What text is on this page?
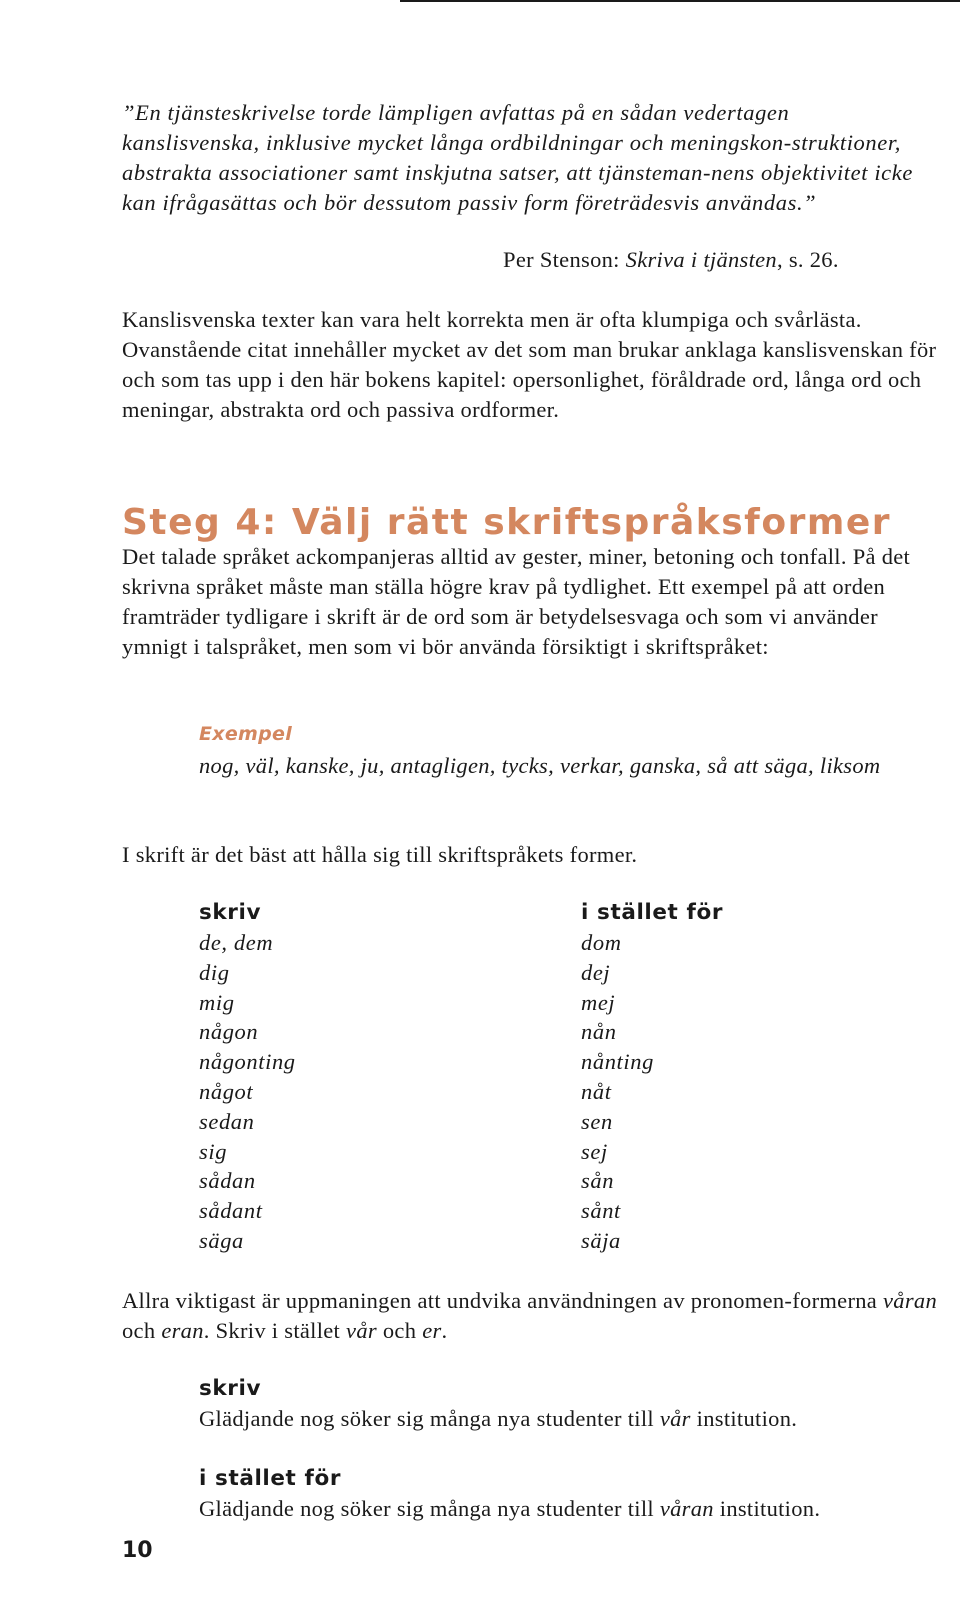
”En tjänsteskrivelse torde lämpligen avfattas på en sådan vedertagen kanslisvenska, inklusive mycket långa ordbildningar och meningskon-struktioner, abstrakta associationer samt inskjutna satser, att tjänsteman-nens objektivitet icke kan ifrågasättas och bör dessutom passiv form företrädesvis användas.”
Per Stenson: Skriva i tjänsten, s. 26.
Kanslisvenska texter kan vara helt korrekta men är ofta klumpiga och svårlästa. Ovanstående citat innehåller mycket av det som man brukar anklaga kanslisvenskan för och som tas upp i den här bokens kapitel: opersonlighet, föråldrade ord, långa ord och meningar, abstrakta ord och passiva ordformer.
Steg 4: Välj rätt skriftspråksformer
Det talade språket ackompanjeras alltid av gester, miner, betoning och tonfall. På det skrivna språket måste man ställa högre krav på tydlighet. Ett exempel på att orden framträder tydligare i skrift är de ord som är betydelsesvaga och som vi använder ymnigt i talspråket, men som vi bör använda försiktigt i skriftspråket:
Exempel
nog, väl, kanske, ju, antagligen, tycks, verkar, ganska, så att säga, liksom
I skrift är det bäst att hålla sig till skriftspråkets former.
skriv
de, dem
dig
mig
någon
någonting
något
sedan
sig
sådan
sådant
säga
i stället för
dom
dej
mej
nån
nånting
nåt
sen
sej
sån
sånt
säja
Allra viktigast är uppmaningen att undvika användningen av pronomen-formerna våran och eran. Skriv i stället vår och er.
skriv
Glädjande nog söker sig många nya studenter till vår institution.
i stället för
Glädjande nog söker sig många nya studenter till våran institution.
10
